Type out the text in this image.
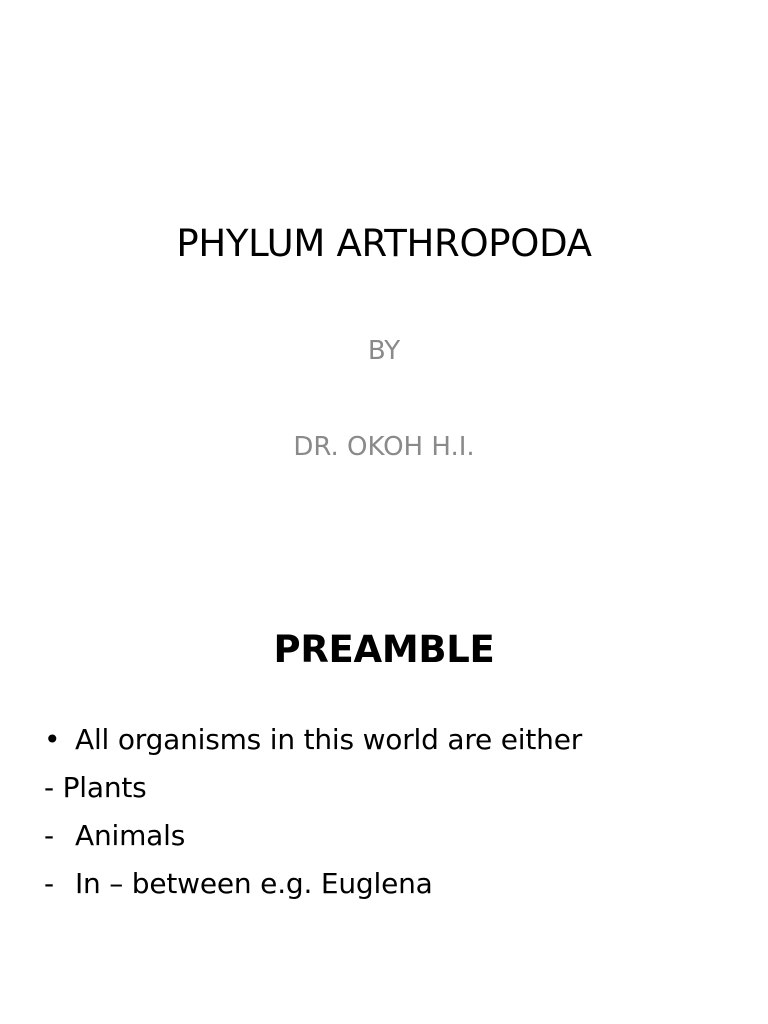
PHYLUM ARTHROPODA
BY
DR. OKOH H.I.
PREAMBLE
• All organisms in this world are either
- Plants
- Animals
- In – between e.g. Euglena
